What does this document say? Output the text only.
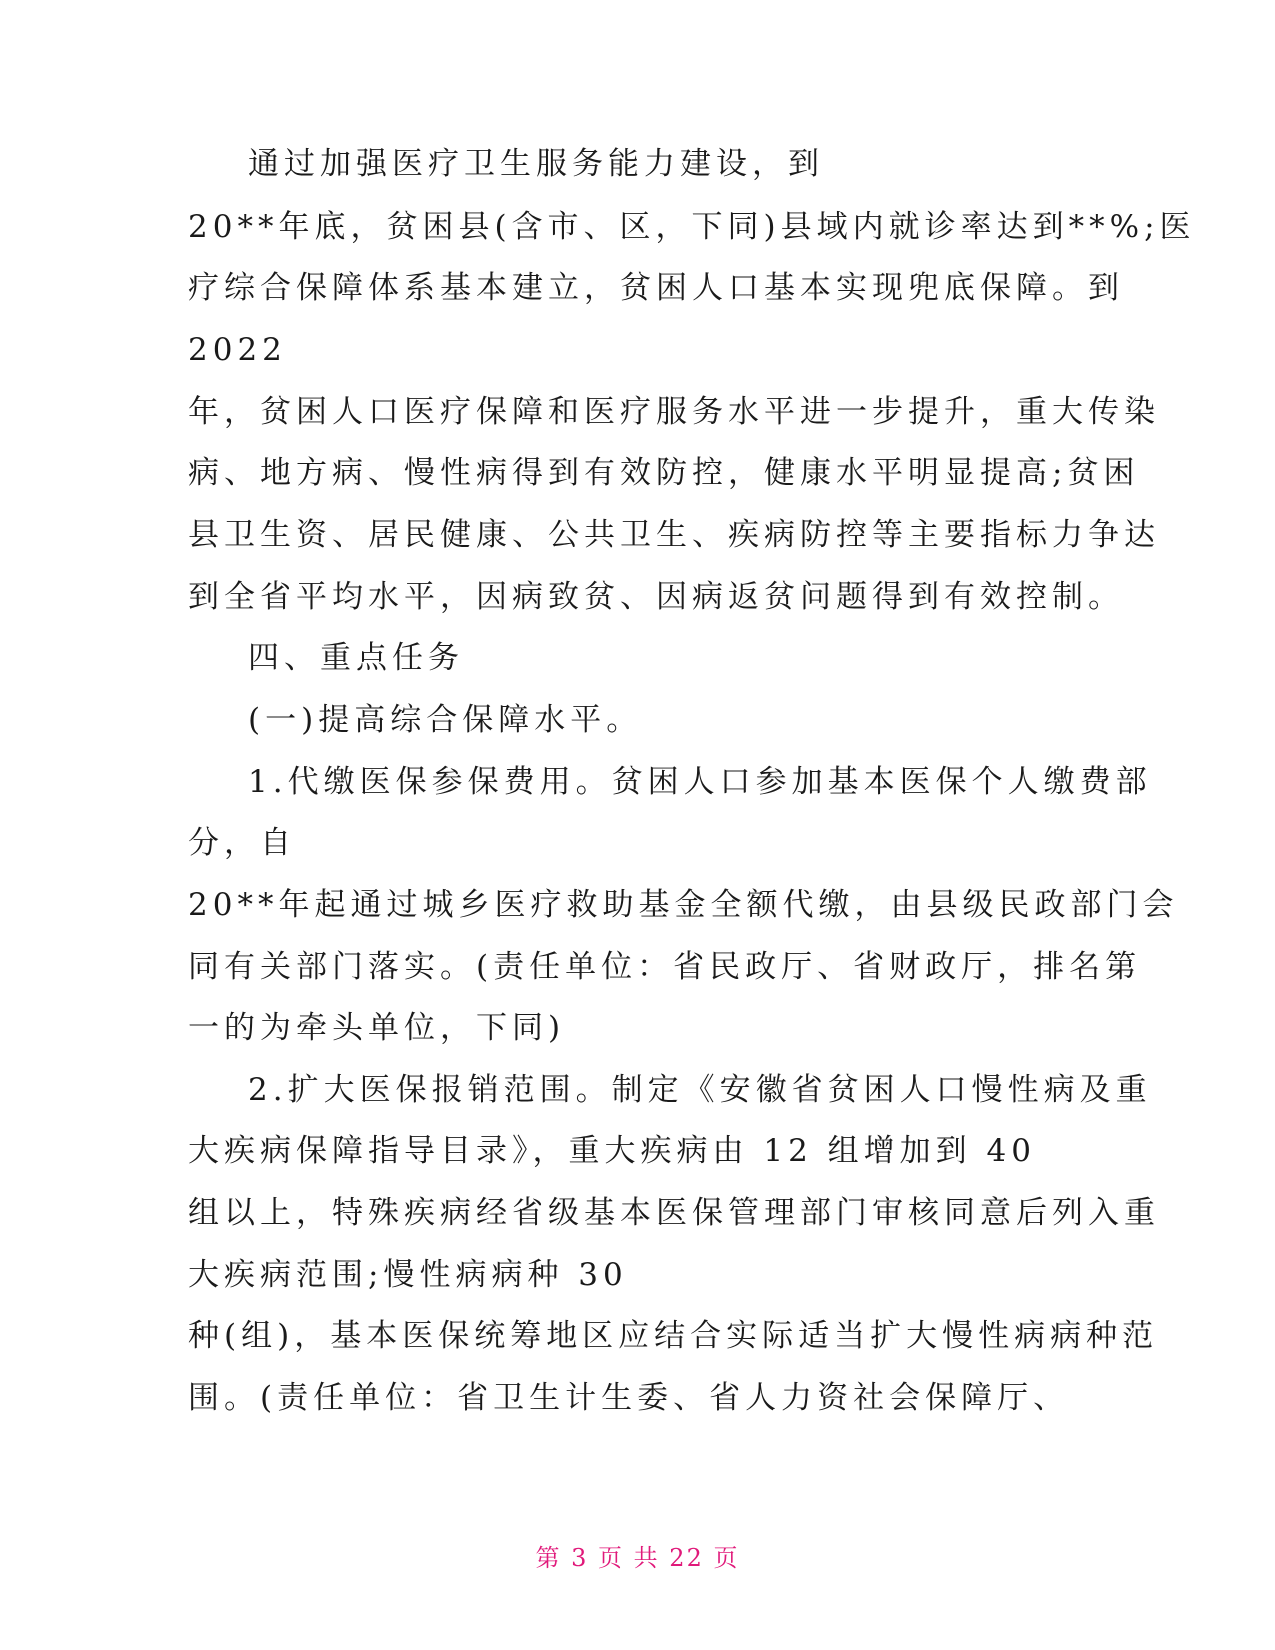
通过加强医疗卫生服务能力建设，到
20**年底，贫困县(含市、区，下同)县域内就诊率达到**%;医
疗综合保障体系基本建立，贫困人口基本实现兜底保障。到
2022
年，贫困人口医疗保障和医疗服务水平进一步提升，重大传染
病、地方病、慢性病得到有效防控，健康水平明显提高;贫困
县卫生资、居民健康、公共卫生、疾病防控等主要指标力争达
到全省平均水平，因病致贫、因病返贫问题得到有效控制。
四、重点任务
(一)提高综合保障水平。
1.代缴医保参保费用。贫困人口参加基本医保个人缴费部
分，自
20**年起通过城乡医疗救助基金全额代缴，由县级民政部门会
同有关部门落实。(责任单位：省民政厅、省财政厅，排名第
一的为牵头单位，下同)
2.扩大医保报销范围。制定《安徽省贫困人口慢性病及重
大疾病保障指导目录》，重大疾病由 12 组增加到 40
组以上，特殊疾病经省级基本医保管理部门审核同意后列入重
大疾病范围;慢性病病种 30
种(组)，基本医保统筹地区应结合实际适当扩大慢性病病种范
围。(责任单位：省卫生计生委、省人力资社会保障厅、
第 3 页 共 22 页
